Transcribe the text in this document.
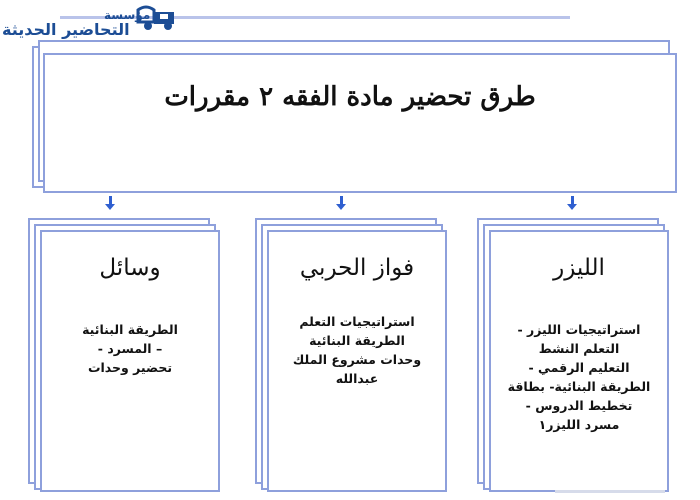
مؤسسة
التحاضير الحديثة
طرق تحضير مادة الفقه ٢ مقررات
وسائل
الطريقة البنائية
– المسرد -
تحضير وحدات
فواز الحربي
استراتيجيات التعلم
الطريقة البنائية
وحدات مشروع الملك
عبدالله
الليزر
استراتيجيات الليزر -
التعلم النشط
التعليم الرقمي -
الطريقة البنائية- بطاقة
تخطيط الدروس -
مسرد الليزر١
